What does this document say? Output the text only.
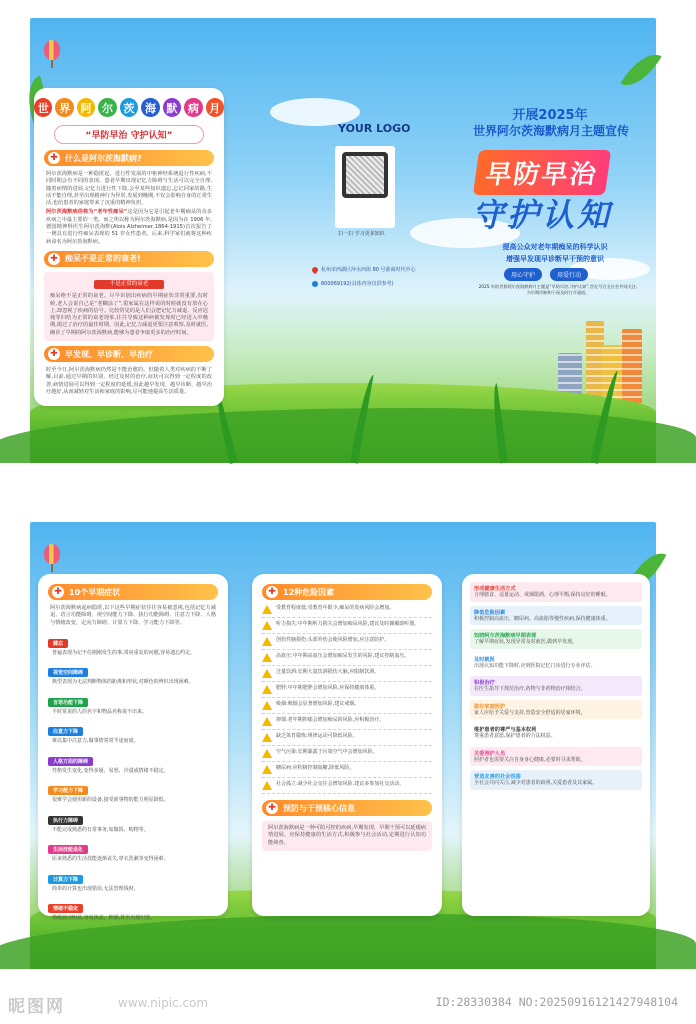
世 界 阿 尔 茨 海 默 病 月
“早防早治 守护认知”
✚ 什么是阿尔茨海默病?
阿尔茨海默病是一种隐匿起、进行性发展的中枢神经系统退行性疾病,不同时期会有不同的表现。患者早期出现记忆力障碍与生活可以完全自理,随着病情的进展,记忆力进行性下降,会至某些知识遗忘,忘记回家的路,生活不能自理,甚至出现精神行为异常,发展到晚期,不仅会影响自身的正常生活,也给患者的家庭带来了沉重的精神负担。
阿尔茨海默病俗称为“老年性痴呆”这是因为它是引起老年期痴呆的众多疾病之中最主要的一类。而之所以称为阿尔茨海默病,是因为在 1906 年,德国精神科医生阿尔茨海默(Alois Alzheimer,1864-1915)首次报告了一例具有进行性痴呆表现的 51 岁女性患者。后来,科学家们就将这种疾病命名为阿尔茨海默病。
✚ 痴呆不是正常的衰老!
不是正常的衰老
痴呆绝不是正常的衰老。尽早识别出疾病的早期症状非常重要,有时候,老人会说自己是“老糊涂了”,很家属在这样说的时候就没有放在心上,却忽视了疾病的信号。比较常见的是人们会把记忆力减退、反应迟钝等归结为正常的衰老现象,往往导致这种病被发现时已经进入中晚期,错过了治疗的最佳时期。因此,记忆力减退更要注意观察,及时就医,确诊了早期的阿尔茨海默病,能够为患者争取更多的治疗时间。
✚ 早发现、早诊断、早治疗
时至今日,阿尔茨海默病仍然是不能治愈的。但随着人类对疾病的不断了解,目前,通过早期的识别、经过及时的治疗,症状可以得到一定程度的改善,病情进展可以得到一定程度的延缓,因此越早发现、越早诊断、越早治疗越好,从而减轻对生活和家庭的影响,尽可能地提高生活质量。
YOUR LOGO
扫一扫 学习更多知识
杭州市西湖区萍水西街 80 号浙商时代中心
800069192(具体内容仅供参考)
开展2025年
世界阿尔茨海默病月主题宣传
早防早治
守护认知
提高公众对老年期痴呆的科学认识
增强早发现早诊断早干预的意识
用心守护	用爱行动
2025 年的世界阿尔茨海默病月主题是“早防早治,守护认知”,旨在号召全社会共同关注,为早期诊断和干预及时打开通道。
✚ 10个早期症状
阿尔茨海默病起病隐匿,以下这些早期症状往往容易被忽视,包括记忆力减退、语言功能障碍、视空间能力下降、执行功能障碍、注意力下降、人格与情绪改变、定向力障碍、计算力下降、学习能力下降等。
健忘
普遍表现为记不住刚刚发生的事,常问重复的问题,容易遗忘约定。
视觉空间障碍
典型表现为无法判断物体的距离和形状,对颜色的辨识出现困难。
言语功能下降
平时常说的人的名字和物品名称说不出来。
注意力下降
难以集中注意力,做事情常常半途而废。
人格方面的障碍
性格发生变化,变得多疑、易怒、冷漠或情绪不稳定。
学习能力下降
很难学会使用新的设备,接受新事物的能力明显降低。
执行力障碍
不能完成熟悉的日常事务,如做饭、购物等。
生活技能退化
原来熟悉的生活技能逐渐丧失,穿衣洗漱等变得困难。
计算力下降
简单的计算也出现错误,无法管理钱财。
情绪不稳定
情绪波动明显,容易焦虑、抑郁,甚至出现幻觉。
✚ 12种危险因素
受教育程度低:受教育年限少,痴呆的发病风险会增加。
听力损失:中年期听力损失会增加痴呆风险,建议及时佩戴助听器。
创伤性脑损伤:头部外伤会使风险增加,应注意防护。
高血压:中年期高血压会增加痴呆发生的风险,建议控制血压。
过量饮酒:长期大量饮酒损伤大脑,应限制饮酒。
肥胖:中年期肥胖会增加风险,应保持健康体重。
吸烟:吸烟会显著增加风险,建议戒烟。
抑郁:老年期抑郁会增加痴呆的风险,应积极治疗。
缺乏体育锻炼:规律运动可降低风险。
空气污染:长期暴露于污染空气中会增加风险。
糖尿病:应积极控制血糖,降低风险。
社会孤立:减少社会交往会增加风险,建议多参加社交活动。
✚ 预防与干预核心信息
阿尔茨海默病是一种可防可控的疾病,早期发现、早期干预可以延缓病情进展。应保持健康的生活方式,积极参与社会活动,定期进行认知功能筛查。
形成健康生活方式
合理膳食、适量运动、戒烟限酒、心理平衡,保持良好的睡眠。
降低危险因素
积极控制高血压、糖尿病、高血脂等慢性疾病,保持健康体重。
知晓阿尔茨海默病早期表现
了解早期症状,发现异常及时就医,做到早发现。
及时就医
出现认知功能下降时,应到医院记忆门诊进行专业评估。
积极治疗
在医生指导下规范治疗,药物与非药物治疗相结合。
做好家庭照护
家人应给予关爱与支持,营造安全舒适的居家环境。
维护患者的尊严与基本权利
尊重患者意愿,保护患者的合法权益。
关爱照护人员
照护者也需要关注自身身心健康,必要时寻求帮助。
营造友善的社会氛围
全社会共同关注,减少对患者的歧视,关爱患者及其家属。
昵图网	www.nipic.com	ID:28330384 NO:20250916121427948104
